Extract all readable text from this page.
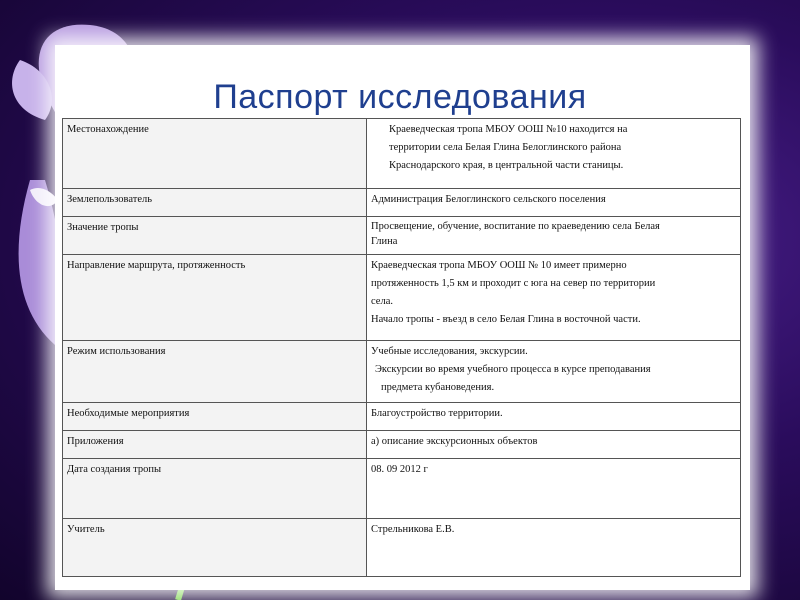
Паспорт исследования
Местонахождение	Краеведческая тропа МБОУ ООШ №10 находится на
территории села Белая Глина Белоглинского района
Краснодарского края, в центральной части станицы.

Землепользователь	Администрация Белоглинского сельского поселения

Значение тропы	Просвещение, обучение, воспитание по краеведению села Белая
Глина

Направление маршрута, протяженность	Краеведческая тропа МБОУ ООШ № 10 имеет примерно
протяженность 1,5 км и проходит с юга на север по территории
села.
Начало тропы - въезд в село Белая Глина в восточной части.

Режим использования	Учебные исследования, экскурсии.
Экскурсии во время учебного процесса в курсе преподавания
предмета кубановедения.

Необходимые мероприятия	Благоустройство территории.

Приложения	а) описание экскурсионных объектов

Дата создания тропы	08. 09 2012 г

Учитель	Стрельникова Е.В.
